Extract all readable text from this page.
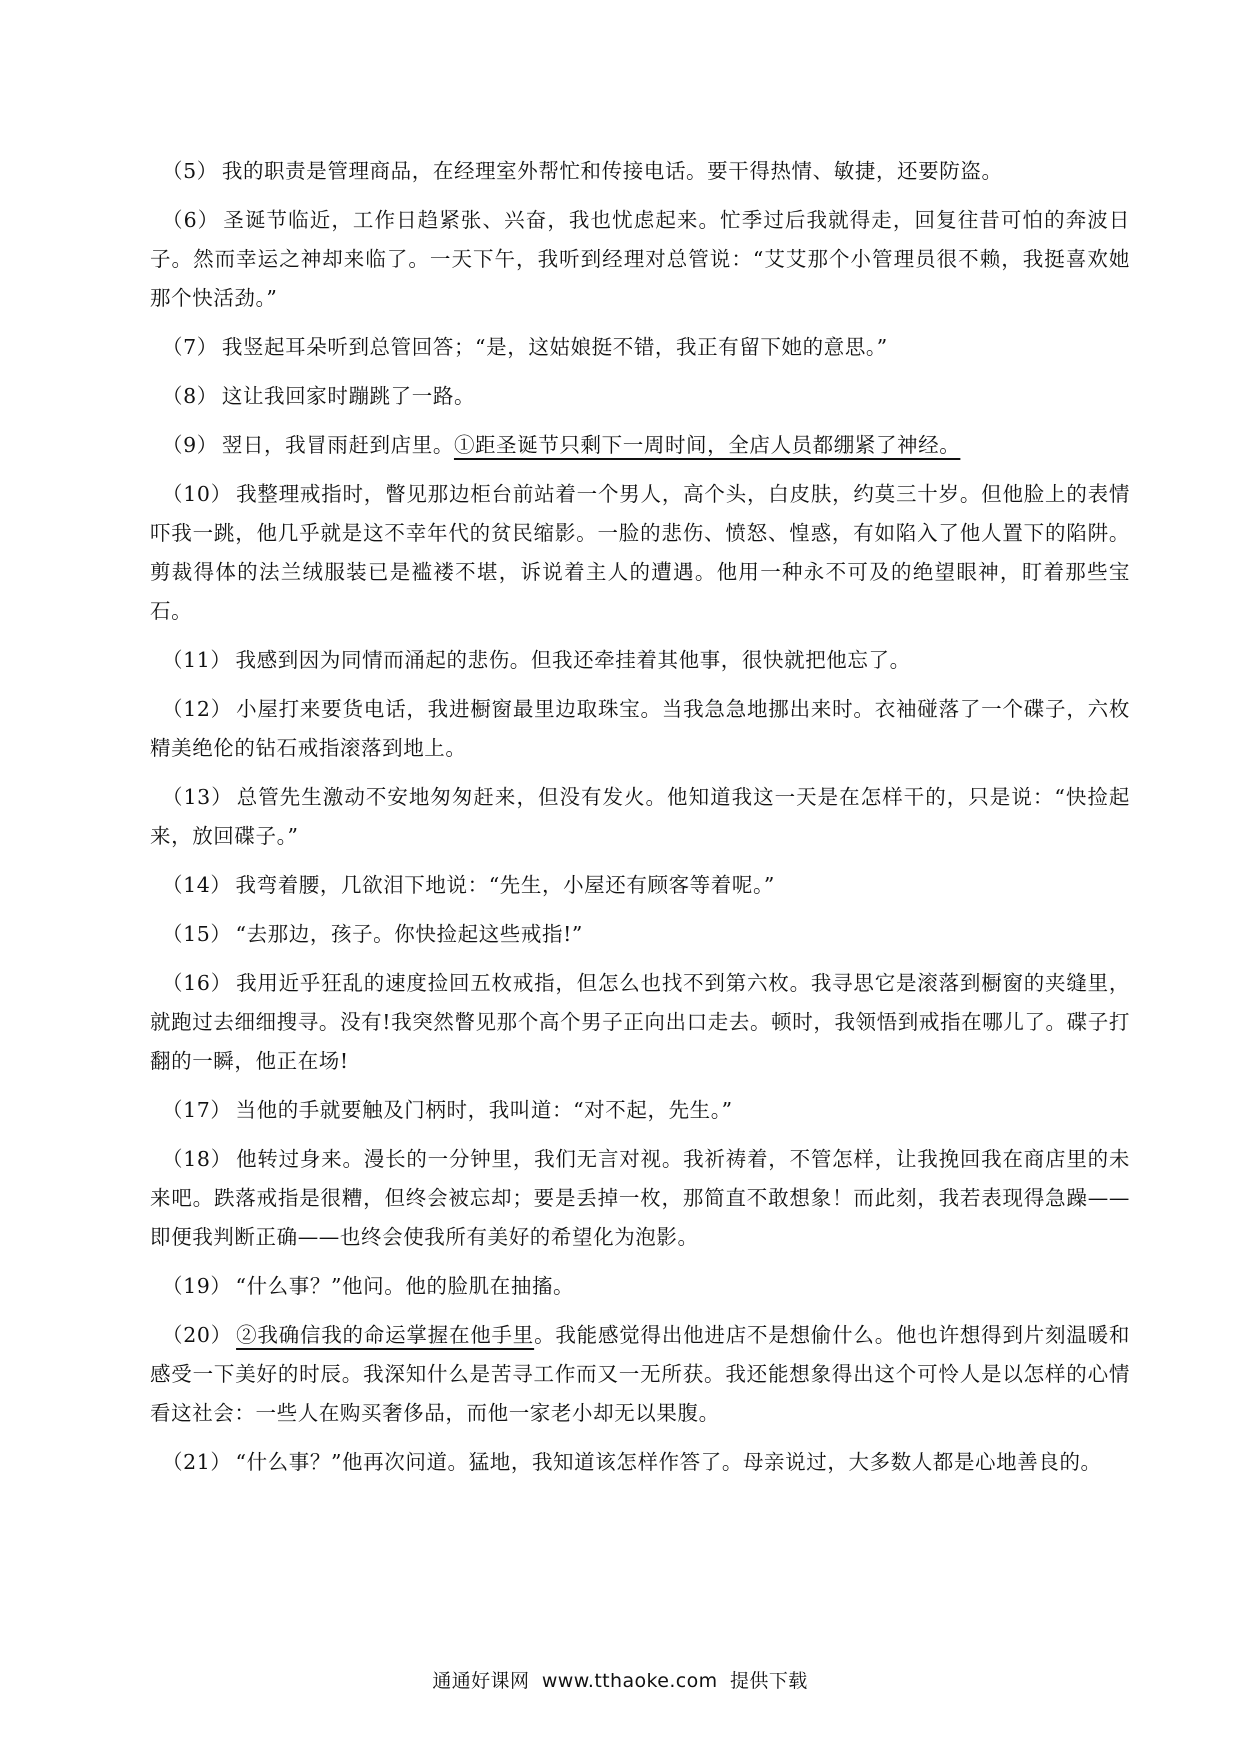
（5） 我的职责是管理商品，在经理室外帮忙和传接电话。要干得热情、敏捷，还要防盗。

（6） 圣诞节临近，工作日趋紧张、兴奋，我也忧虑起来。忙季过后我就得走，回复往昔可怕的奔波日子。然而幸运之神却来临了。一天下午，我听到经理对总管说：“艾艾那个小管理员很不赖，我挺喜欢她那个快活劲。”

（7） 我竖起耳朵听到总管回答；“是，这姑娘挺不错，我正有留下她的意思。”

（8） 这让我回家时蹦跳了一路。

（9） 翌日，我冒雨赶到店里。①距圣诞节只剩下一周时间，全店人员都绷紧了神经。

（10） 我整理戒指时，瞥见那边柜台前站着一个男人，高个头，白皮肤，约莫三十岁。但他脸上的表情吓我一跳，他几乎就是这不幸年代的贫民缩影。一脸的悲伤、愤怒、惶惑，有如陷入了他人置下的陷阱。剪裁得体的法兰绒服装已是褴褛不堪，诉说着主人的遭遇。他用一种永不可及的绝望眼神，盯着那些宝石。

（11） 我感到因为同情而涌起的悲伤。但我还牵挂着其他事，很快就把他忘了。

（12） 小屋打来要货电话，我进橱窗最里边取珠宝。当我急急地挪出来时。衣袖碰落了一个碟子，六枚精美绝伦的钻石戒指滚落到地上。

（13） 总管先生激动不安地匆匆赶来，但没有发火。他知道我这一天是在怎样干的，只是说：“快捡起来，放回碟子。”

（14） 我弯着腰，几欲泪下地说：“先生，小屋还有顾客等着呢。”

（15） “去那边，孩子。你快捡起这些戒指!”

（16） 我用近乎狂乱的速度捡回五枚戒指，但怎么也找不到第六枚。我寻思它是滚落到橱窗的夹缝里，就跑过去细细搜寻。没有!我突然瞥见那个高个男子正向出口走去。顿时，我领悟到戒指在哪儿了。碟子打翻的一瞬，他正在场!

（17） 当他的手就要触及门柄时，我叫道：“对不起，先生。”

（18） 他转过身来。漫长的一分钟里，我们无言对视。我祈祷着，不管怎样，让我挽回我在商店里的未来吧。跌落戒指是很糟，但终会被忘却；要是丢掉一枚，那简直不敢想象！而此刻，我若表现得急躁——即便我判断正确——也终会使我所有美好的希望化为泡影。

（19） “什么事？”他问。他的脸肌在抽搐。

（20） ②我确信我的命运掌握在他手里。我能感觉得出他进店不是想偷什么。他也许想得到片刻温暖和感受一下美好的时辰。我深知什么是苦寻工作而又一无所获。我还能想象得出这个可怜人是以怎样的心情看这社会：一些人在购买奢侈品，而他一家老小却无以果腹。

（21） “什么事？”他再次问道。猛地，我知道该怎样作答了。母亲说过，大多数人都是心地善良的。

通通好课网 www.tthaoke.com 提供下载
